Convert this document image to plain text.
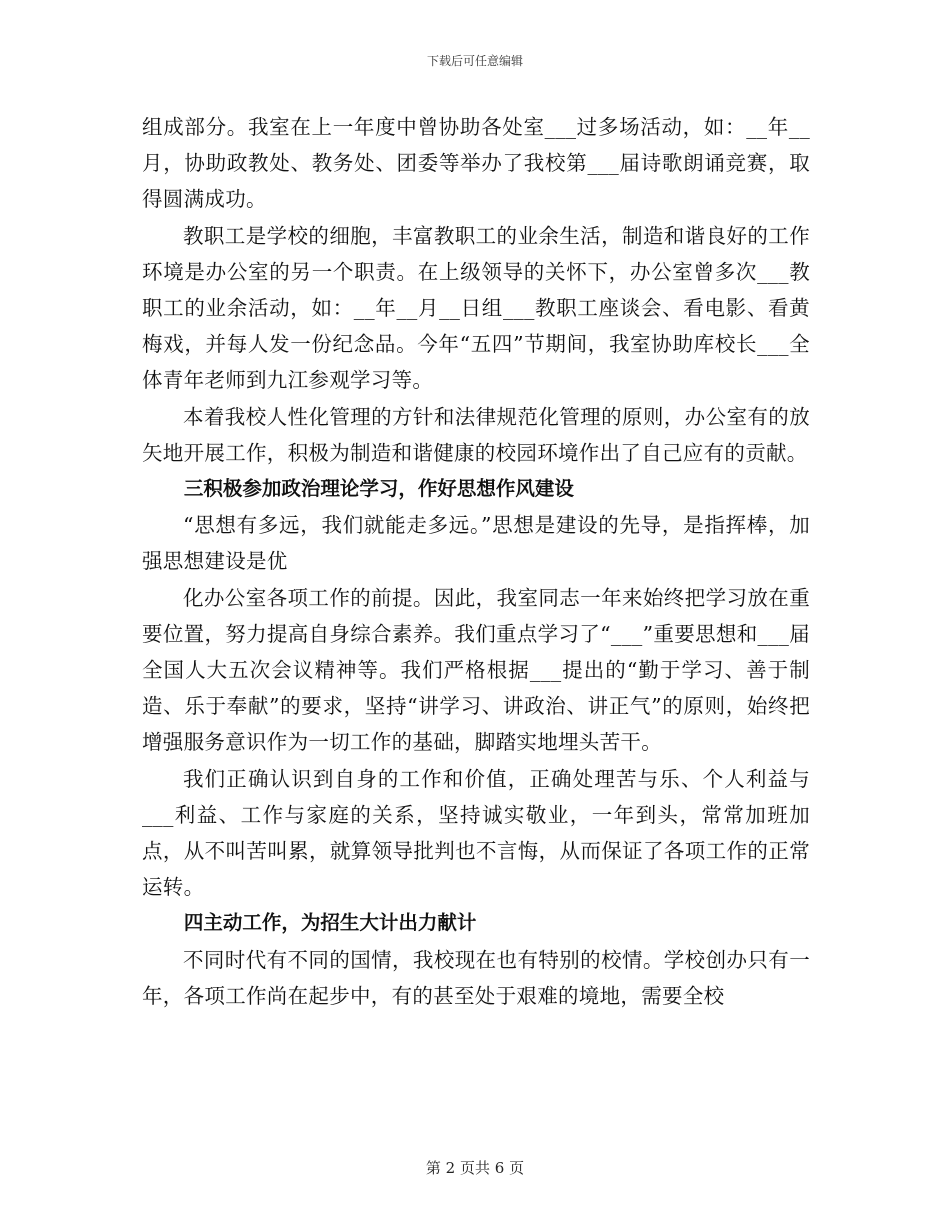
下载后可任意编辑

组成部分。我室在上一年度中曾协助各处室___过多场活动，如：__年__月，协助政教处、教务处、团委等举办了我校第___届诗歌朗诵竞赛，取得圆满成功。

教职工是学校的细胞，丰富教职工的业余生活，制造和谐良好的工作环境是办公室的另一个职责。在上级领导的关怀下，办公室曾多次___教职工的业余活动，如：__年__月__日组___教职工座谈会、看电影、看黄梅戏，并每人发一份纪念品。今年“五四”节期间，我室协助库校长___全体青年老师到九江参观学习等。

本着我校人性化管理的方针和法律规范化管理的原则，办公室有的放矢地开展工作，积极为制造和谐健康的校园环境作出了自己应有的贡献。

三积极参加政治理论学习，作好思想作风建设

“思想有多远，我们就能走多远。”思想是建设的先导，是指挥棒，加强思想建设是优

化办公室各项工作的前提。因此，我室同志一年来始终把学习放在重要位置，努力提高自身综合素养。我们重点学习了“___”重要思想和___届全国人大五次会议精神等。我们严格根据___提出的“勤于学习、善于制造、乐于奉献”的要求，坚持“讲学习、讲政治、讲正气”的原则，始终把增强服务意识作为一切工作的基础，脚踏实地埋头苦干。

我们正确认识到自身的工作和价值，正确处理苦与乐、个人利益与___利益、工作与家庭的关系，坚持诚实敬业，一年到头，常常加班加点，从不叫苦叫累，就算领导批判也不言悔，从而保证了各项工作的正常运转。

四主动工作，为招生大计出力献计

不同时代有不同的国情，我校现在也有特别的校情。学校创办只有一年，各项工作尚在起步中，有的甚至处于艰难的境地，需要全校

第 2 页共 6 页
